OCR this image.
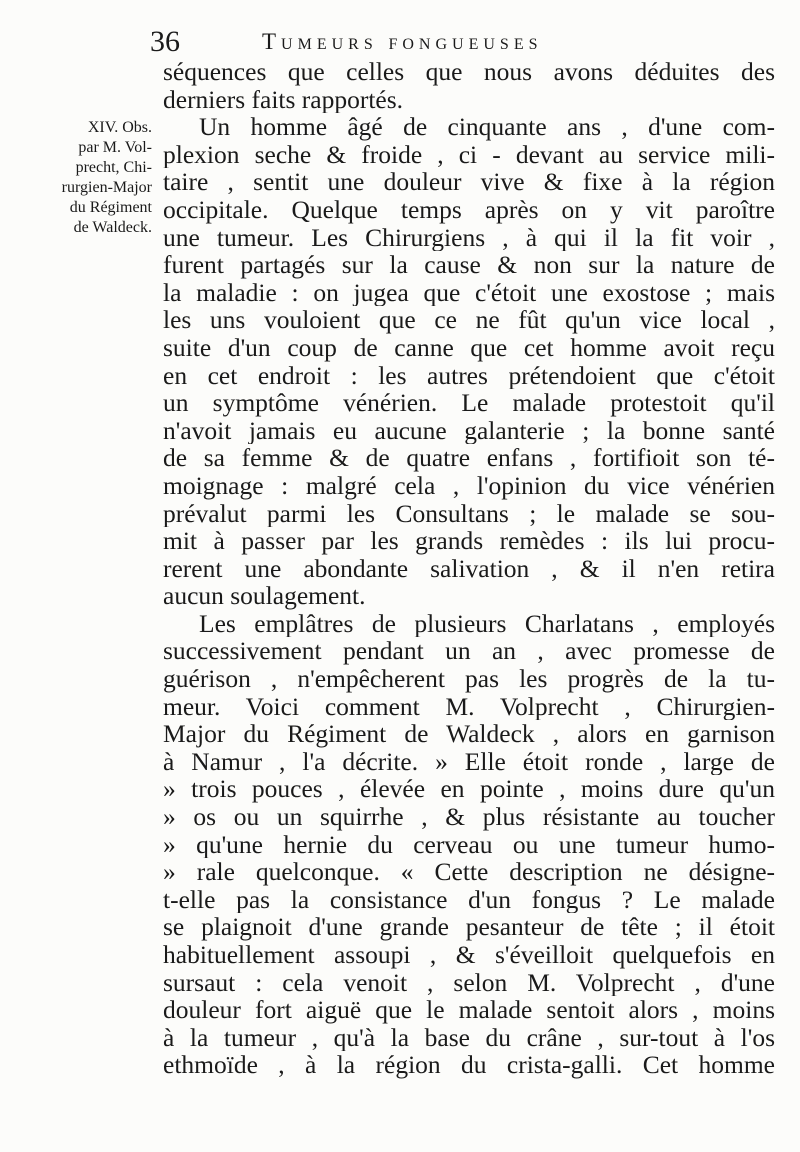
36	Tumeurs fongueuses
XIV. Obs.
par M. Vol-
precht, Chi-
rurgien-Major
du Régiment
de Waldeck.
séquences que celles que nous avons déduites des
derniers faits rapportés.
Un homme âgé de cinquante ans , d'une com-
plexion seche & froide , ci - devant au service mili-
taire , sentit une douleur vive & fixe à la région
occipitale. Quelque temps après on y vit paroître
une tumeur. Les Chirurgiens , à qui il la fit voir ,
furent partagés sur la cause & non sur la nature de
la maladie : on jugea que c'étoit une exostose ; mais
les uns vouloient que ce ne fût qu'un vice local ,
suite d'un coup de canne que cet homme avoit reçu
en cet endroit : les autres prétendoient que c'étoit
un symptôme vénérien. Le malade protestoit qu'il
n'avoit jamais eu aucune galanterie ; la bonne santé
de sa femme & de quatre enfans , fortifioit son té-
moignage : malgré cela , l'opinion du vice vénérien
prévalut parmi les Consultans ; le malade se sou-
mit à passer par les grands remèdes : ils lui procu-
rerent une abondante salivation , & il n'en retira
aucun soulagement.
Les emplâtres de plusieurs Charlatans , employés
successivement pendant un an , avec promesse de
guérison , n'empêcherent pas les progrès de la tu-
meur. Voici comment M. Volprecht , Chirurgien-
Major du Régiment de Waldeck , alors en garnison
à Namur , l'a décrite. » Elle étoit ronde , large de
» trois pouces , élevée en pointe , moins dure qu'un
» os ou un squirrhe , & plus résistante au toucher
» qu'une hernie du cerveau ou une tumeur humo-
» rale quelconque. « Cette description ne désigne-
t-elle pas la consistance d'un fongus ? Le malade
se plaignoit d'une grande pesanteur de tête ; il étoit
habituellement assoupi , & s'éveilloit quelquefois en
sursaut : cela venoit , selon M. Volprecht , d'une
douleur fort aiguë que le malade sentoit alors , moins
à la tumeur , qu'à la base du crâne , sur-tout à l'os
ethmoïde , à la région du crista-galli. Cet homme
